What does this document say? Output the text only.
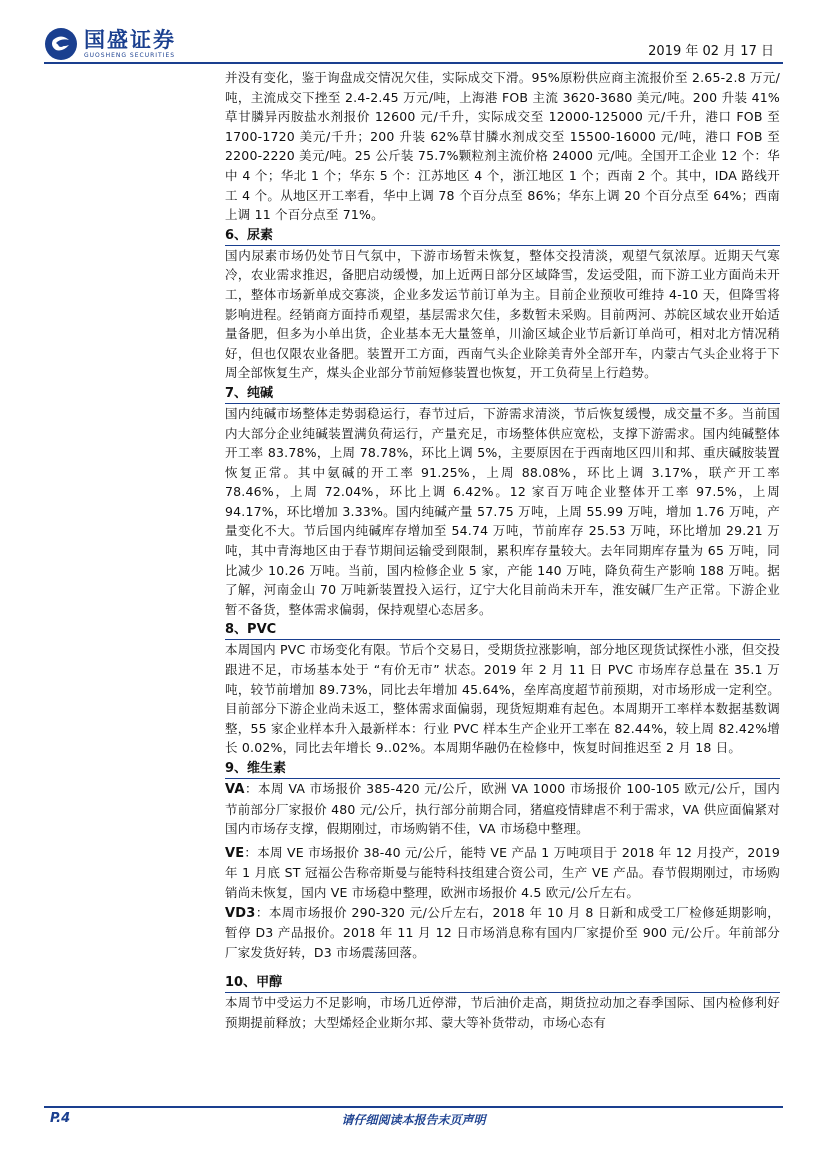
国盛证券
GUOSHENG SECURITIES	2019 年 02 月 17 日

并没有变化，鉴于询盘成交情况欠佳，实际成交下滑。95%原粉供应商主流报价至 2.65-2.8 万元/吨，主流成交下挫至 2.4-2.45 万元/吨，上海港 FOB 主流 3620-3680 美元/吨。200 升装 41%草甘膦异丙胺盐水剂报价 12600 元/千升，实际成交至 12000-125000 元/千升，港口 FOB 至 1700-1720 美元/千升；200 升装 62%草甘膦水剂成交至 15500-16000 元/吨，港口 FOB 至 2200-2220 美元/吨。25 公斤装 75.7%颗粒剂主流价格 24000 元/吨。全国开工企业 12 个：华中 4 个；华北 1 个；华东 5 个：江苏地区 4 个，浙江地区 1 个；西南 2 个。其中，IDA 路线开工 4 个。从地区开工率看，华中上调 78 个百分点至 86%；华东上调 20 个百分点至 64%；西南上调 11 个百分点至 71%。

6、尿素

国内尿素市场仍处节日气氛中，下游市场暂未恢复，整体交投清淡，观望气氛浓厚。近期天气寒冷，农业需求推迟，备肥启动缓慢，加上近两日部分区域降雪，发运受阻，而下游工业方面尚未开工，整体市场新单成交寡淡，企业多发运节前订单为主。目前企业预收可维持 4-10 天，但降雪将影响进程。经销商方面持币观望，基层需求欠佳，多数暂未采购。目前两河、苏皖区域农业开始适量备肥，但多为小单出货，企业基本无大量签单，川渝区域企业节后新订单尚可，相对北方情况稍好，但也仅限农业备肥。装置开工方面，西南气头企业除美青外全部开车，内蒙古气头企业将于下周全部恢复生产，煤头企业部分节前短修装置也恢复，开工负荷呈上行趋势。

7、纯碱

国内纯碱市场整体走势弱稳运行，春节过后，下游需求清淡，节后恢复缓慢，成交量不多。当前国内大部分企业纯碱装置满负荷运行，产量充足，市场整体供应宽松，支撑下游需求。国内纯碱整体开工率 83.78%，上周 78.78%，环比上调 5%，主要原因在于西南地区四川和邦、重庆碱胺装置恢复正常。其中氨碱的开工率 91.25%，上周 88.08%，环比上调 3.17%，联产开工率 78.46%，上周 72.04%，环比上调 6.42%。12 家百万吨企业整体开工率 97.5%，上周 94.17%，环比增加 3.33%。国内纯碱产量 57.75 万吨，上周 55.99 万吨，增加 1.76 万吨，产量变化不大。节后国内纯碱库存增加至 54.74 万吨，节前库存 25.53 万吨，环比增加 29.21 万吨，其中青海地区由于春节期间运输受到限制，累积库存量较大。去年同期库存量为 65 万吨，同比减少 10.26 万吨。当前，国内检修企业 5 家，产能 140 万吨，降负荷生产影响 188 万吨。据了解，河南金山 70 万吨新装置投入运行，辽宁大化目前尚未开车，淮安碱厂生产正常。下游企业暂不备货，整体需求偏弱，保持观望心态居多。

8、PVC

本周国内 PVC 市场变化有限。节后个交易日，受期货拉涨影响，部分地区现货试探性小涨，但交投跟进不足，市场基本处于 “有价无市” 状态。2019 年 2 月 11 日 PVC 市场库存总量在 35.1 万吨，较节前增加 89.73%，同比去年增加 45.64%，垒库高度超节前预期，对市场形成一定利空。目前部分下游企业尚未返工，整体需求面偏弱，现货短期难有起色。本周期开工率样本数据基数调整，55 家企业样本升入最新样本：行业 PVC 样本生产企业开工率在 82.44%，较上周 82.42%增长 0.02%，同比去年增长 9..02%。本周期华融仍在检修中，恢复时间推迟至 2 月 18 日。

9、维生素

VA：本周 VA 市场报价 385-420 元/公斤，欧洲 VA 1000 市场报价 100-105 欧元/公斤，国内节前部分厂家报价 480 元/公斤，执行部分前期合同，猪瘟疫情肆虐不利于需求，VA 供应面偏紧对国内市场存支撑，假期刚过，市场购销不佳，VA 市场稳中整理。

VE：本周 VE 市场报价 38-40 元/公斤，能特 VE 产品 1 万吨项目于 2018 年 12 月投产，2019 年 1 月底 ST 冠福公告称帝斯曼与能特科技组建合资公司，生产 VE 产品。春节假期刚过，市场购销尚未恢复，国内 VE 市场稳中整理，欧洲市场报价 4.5 欧元/公斤左右。

VD3：本周市场报价 290-320 元/公斤左右，2018 年 10 月 8 日新和成受工厂检修延期影响，暂停 D3 产品报价。2018 年 11 月 12 日市场消息称有国内厂家提价至 900 元/公斤。年前部分厂家发货好转，D3 市场震荡回落。

10、甲醇

本周节中受运力不足影响，市场几近停滞，节后油价走高，期货拉动加之春季国际、国内检修利好预期提前释放；大型烯烃企业斯尔邦、蒙大等补货带动，市场心态有

P.4	请仔细阅读本报告末页声明
